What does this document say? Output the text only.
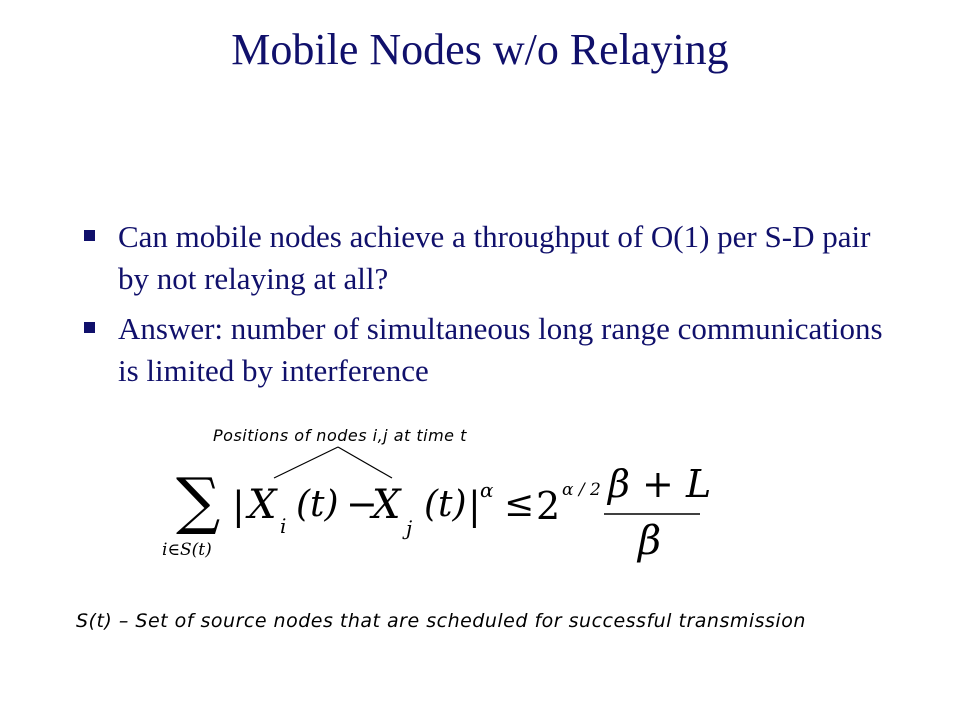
Mobile Nodes w/o Relaying
Can mobile nodes achieve a throughput of O(1) per S-D pair by not relaying at all?
Answer: number of simultaneous long range communications is limited by interference
Positions of nodes i,j at time t
∑
i∈S(t)
| X i
(t) −
X j
(t) | α ≤ 2 α / 2 β + L
β
S(t) – Set of source nodes that are scheduled for successful transmission
